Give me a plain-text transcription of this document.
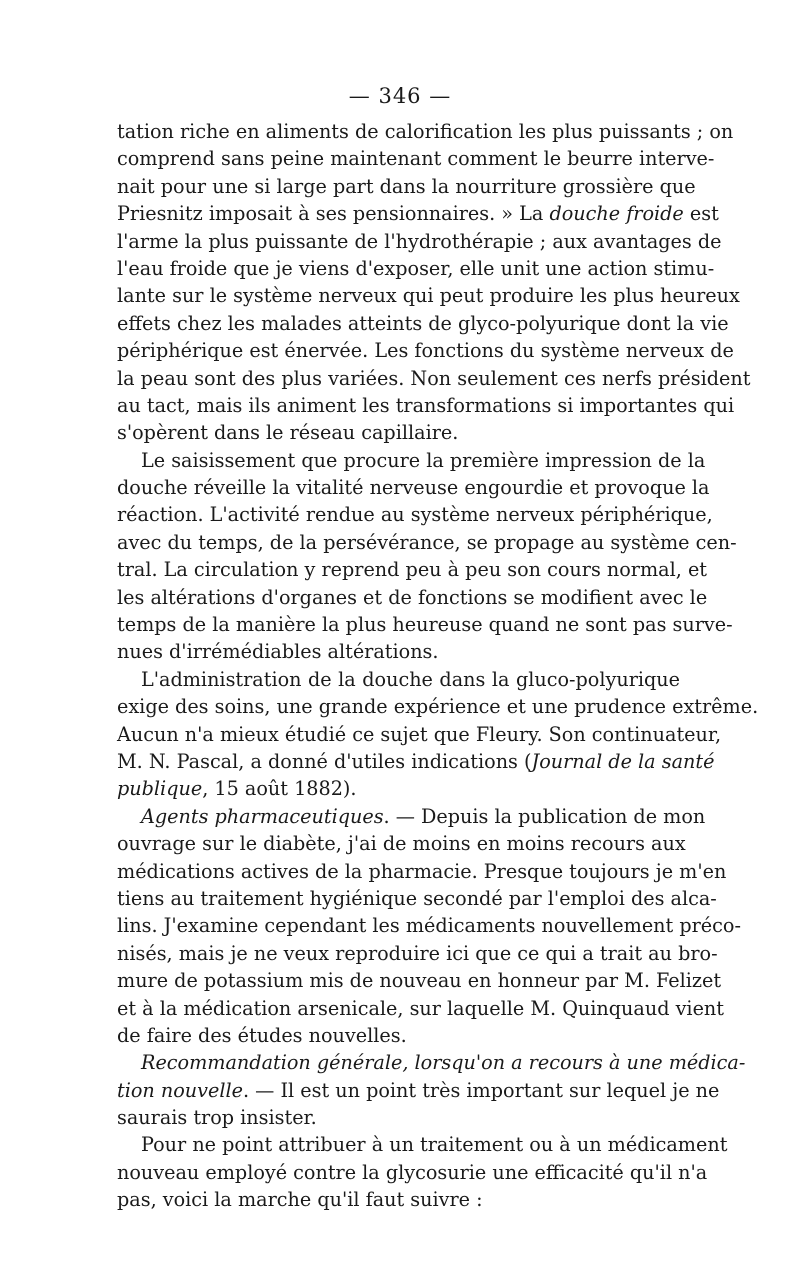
— 346 —
tation riche en aliments de calorification les plus puissants ; on
comprend sans peine maintenant comment le beurre interve-
nait pour une si large part dans la nourriture grossière que
Priesnitz imposait à ses pensionnaires. » La douche froide est
l'arme la plus puissante de l'hydrothérapie ; aux avantages de
l'eau froide que je viens d'exposer, elle unit une action stimu-
lante sur le système nerveux qui peut produire les plus heureux
effets chez les malades atteints de glyco-polyurique dont la vie
périphérique est énervée. Les fonctions du système nerveux de
la peau sont des plus variées. Non seulement ces nerfs président
au tact, mais ils animent les transformations si importantes qui
s'opèrent dans le réseau capillaire.
Le saisissement que procure la première impression de la
douche réveille la vitalité nerveuse engourdie et provoque la
réaction. L'activité rendue au système nerveux périphérique,
avec du temps, de la persévérance, se propage au système cen-
tral. La circulation y reprend peu à peu son cours normal, et
les altérations d'organes et de fonctions se modifient avec le
temps de la manière la plus heureuse quand ne sont pas surve-
nues d'irrémédiables altérations.
L'administration de la douche dans la gluco-polyurique
exige des soins, une grande expérience et une prudence extrême.
Aucun n'a mieux étudié ce sujet que Fleury. Son continuateur,
M. N. Pascal, a donné d'utiles indications (Journal de la santé
publique, 15 août 1882).
Agents pharmaceutiques. — Depuis la publication de mon
ouvrage sur le diabète, j'ai de moins en moins recours aux
médications actives de la pharmacie. Presque toujours je m'en
tiens au traitement hygiénique secondé par l'emploi des alca-
lins. J'examine cependant les médicaments nouvellement préco-
nisés, mais je ne veux reproduire ici que ce qui a trait au bro-
mure de potassium mis de nouveau en honneur par M. Felizet
et à la médication arsenicale, sur laquelle M. Quinquaud vient
de faire des études nouvelles.
Recommandation générale, lorsqu'on a recours à une médica-
tion nouvelle. — Il est un point très important sur lequel je ne
saurais trop insister.
Pour ne point attribuer à un traitement ou à un médicament
nouveau employé contre la glycosurie une efficacité qu'il n'a
pas, voici la marche qu'il faut suivre :
